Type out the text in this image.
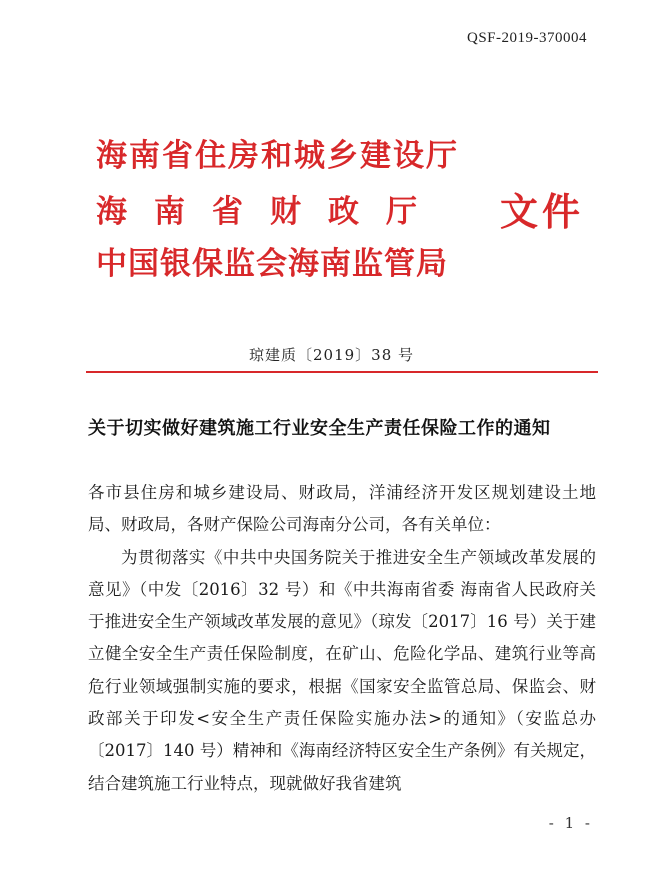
QSF-2019-370004
海南省住房和城乡建设厅
海南省财政厅
中国银保监会海南监管局
文件
琼建质〔2019〕38 号
关于切实做好建筑施工行业安全生产责任保险工作的通知

各市县住房和城乡建设局、财政局，洋浦经济开发区规划建设土地局、财政局，各财产保险公司海南分公司，各有关单位：

为贯彻落实《中共中央国务院关于推进安全生产领域改革发展的意见》（中发〔2016〕32 号）和《中共海南省委 海南省人民政府关于推进安全生产领域改革发展的意见》（琼发〔2017〕16 号）关于建立健全安全生产责任保险制度，在矿山、危险化学品、建筑行业等高危行业领域强制实施的要求，根据《国家安全监管总局、保监会、财政部关于印发<安全生产责任保险实施办法>的通知》（安监总办〔2017〕140 号）精神和《海南经济特区安全生产条例》有关规定，结合建筑施工行业特点，现就做好我省建筑

- 1 -
